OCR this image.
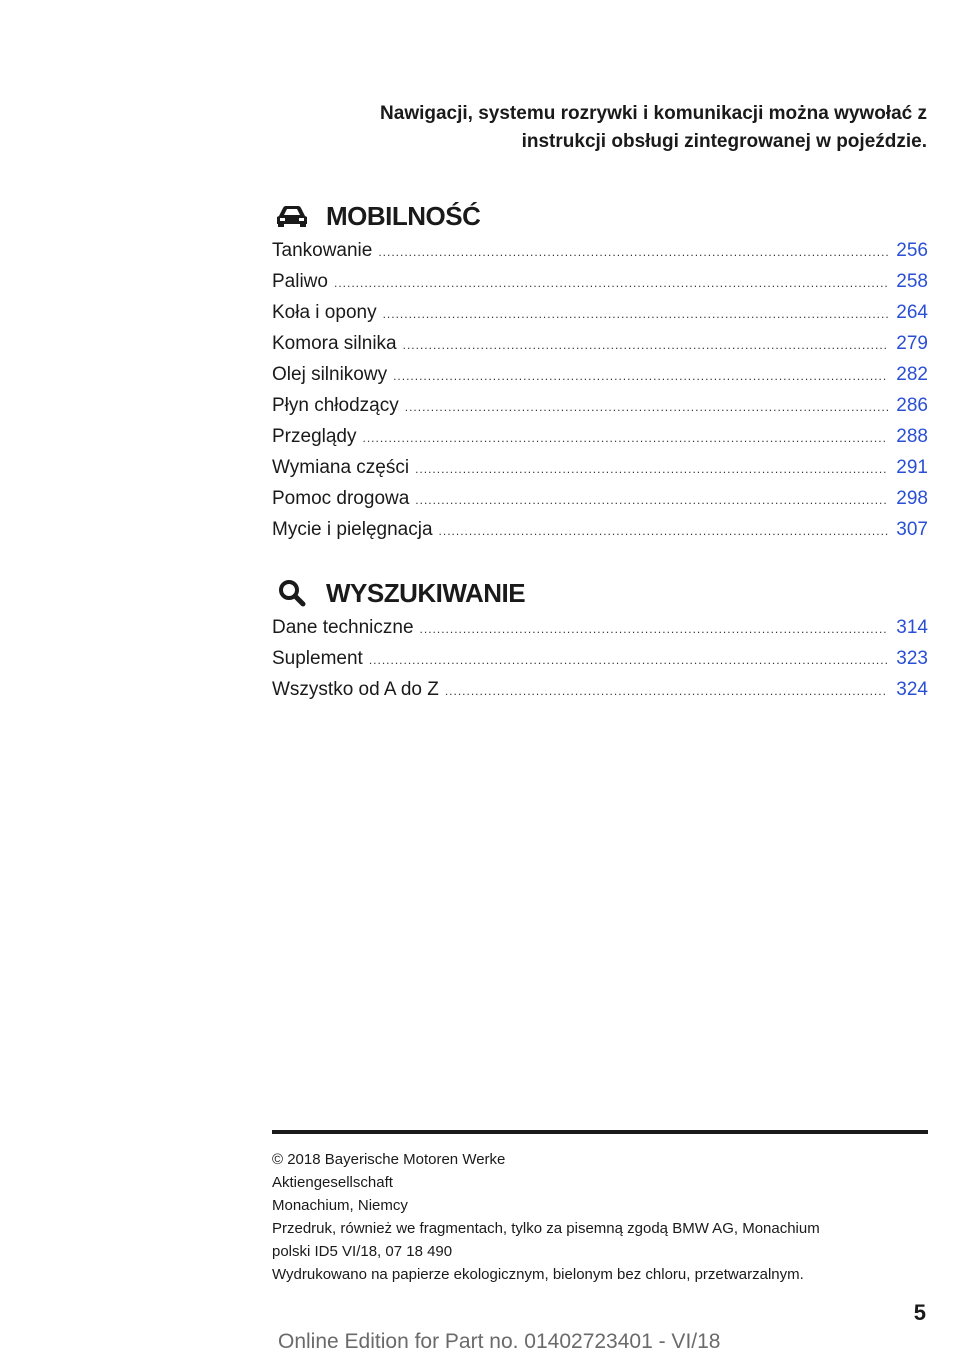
Nawigacji, systemu rozrywki i komunikacji można wywołać z
instrukcji obsługi zintegrowanej w pojeździe.
MOBILNOŚĆ
Tankowanie .....	256
Paliwo .....	258
Koła i opony .....	264
Komora silnika .....	279
Olej silnikowy .....	282
Płyn chłodzący .....	286
Przeglądy .....	288
Wymiana części .....	291
Pomoc drogowa .....	298
Mycie i pielęgnacja .....	307
WYSZUKIWANIE
Dane techniczne .....	314
Suplement .....	323
Wszystko od A do Z .....	324
© 2018 Bayerische Motoren Werke
Aktiengesellschaft
Monachium, Niemcy
Przedruk, również we fragmentach, tylko za pisemną zgodą BMW AG, Monachium
polski ID5 VI/18, 07 18 490
Wydrukowano na papierze ekologicznym, bielonym bez chloru, przetwarzalnym.
5
Online Edition for Part no. 01402723401 - VI/18
